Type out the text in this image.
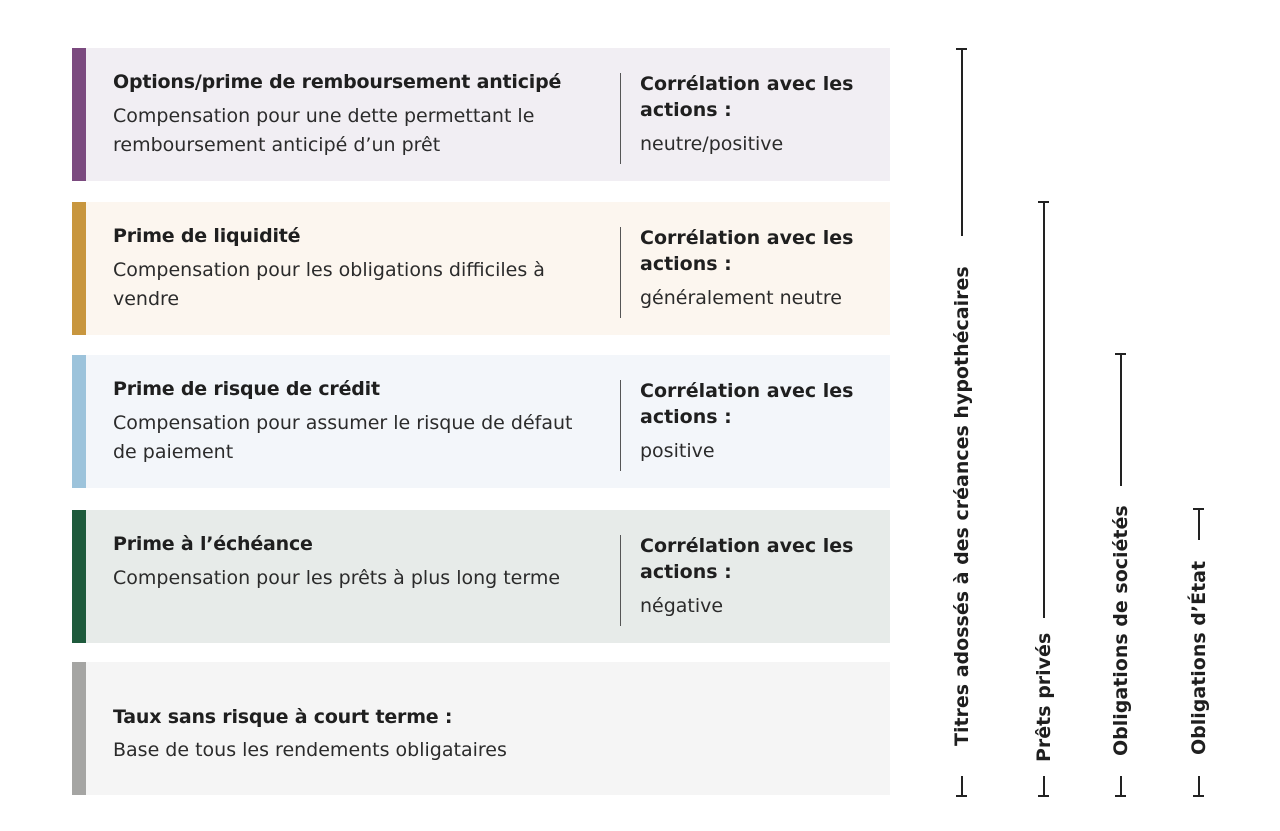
Options/prime de remboursement anticipé
Compensation pour une dette permettant le remboursement anticipé d’un prêt
Corrélation avec les actions :
neutre/positive
Prime de liquidité
Compensation pour les obligations difficiles à vendre
Corrélation avec les actions :
généralement neutre
Prime de risque de crédit
Compensation pour assumer le risque de défaut de paiement
Corrélation avec les actions :
positive
Prime à l’échéance
Compensation pour les prêts à plus long terme
Corrélation avec les actions :
négative
Taux sans risque à court terme :
Base de tous les rendements obligataires
Titres adossés à des créances hypothécaires	Prêts privés	Obligations de sociétés	Obligations d’État
